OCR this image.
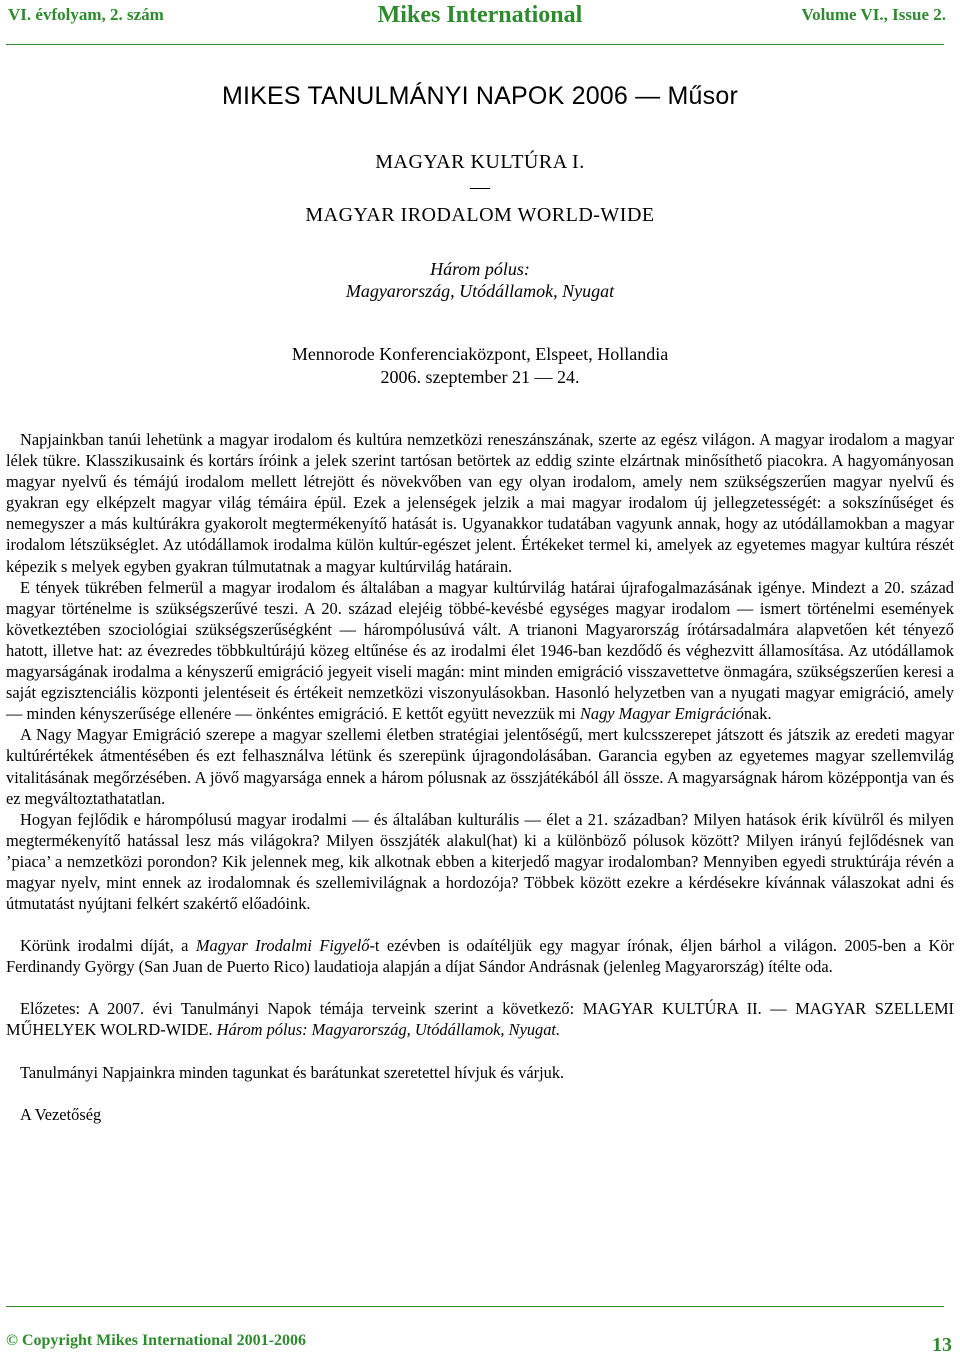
VI. évfolyam, 2. szám	Mikes International	Volume VI., Issue 2.
MIKES TANULMÁNYI NAPOK 2006 — Műsor
MAGYAR KULTÚRA I.
—
MAGYAR IRODALOM WORLD-WIDE
Három pólus:
Magyarország, Utódállamok, Nyugat
Mennorode Konferenciaközpont, Elspeet, Hollandia
2006. szeptember 21 — 24.

Napjainkban tanúi lehetünk a magyar irodalom és kultúra nemzetközi reneszánszának, szerte az egész világon. A magyar irodalom a magyar lélek tükre. Klasszikusaink és kortárs íróink a jelek szerint tartósan betörtek az eddig szinte elzártnak minősíthető piacokra. A hagyományosan magyar nyelvű és témájú irodalom mellett létrejött és növekvőben van egy olyan irodalom, amely nem szükségszerűen magyar nyelvű és gyakran egy elképzelt magyar világ témáira épül. Ezek a jelenségek jelzik a mai magyar irodalom új jellegzetességét: a sokszínűséget és nemegyszer a más kultúrákra gyakorolt megtermékenyítő hatását is. Ugyanakkor tudatában vagyunk annak, hogy az utódállamokban a magyar irodalom létszükséglet. Az utódállamok irodalma külön kultúr-egészet jelent. Értékeket termel ki, amelyek az egyetemes magyar kultúra részét képezik s melyek egyben gyakran túlmutatnak a magyar kultúrvilág határain.

E tények tükrében felmerül a magyar irodalom és általában a magyar kultúrvilág határai újrafogalmazásának igénye. Mindezt a 20. század magyar történelme is szükségszerűvé teszi. A 20. század elejéig többé-kevésbé egységes magyar irodalom — ismert történelmi események következtében szociológiai szükségszerűségként — hárompólusúvá vált. A trianoni Magyarország írótársadalmára alapvetően két tényező hatott, illetve hat: az évezredes többkultúrájú közeg eltűnése és az irodalmi élet 1946-ban kezdődő és véghezvitt államosítása. Az utódállamok magyarságának irodalma a kényszerű emigráció jegyeit viseli magán: mint minden emigráció visszavettetve önmagára, szükségszerűen keresi a saját egzisztenciális központi jelentéseit és értékeit nemzetközi viszonyulásokban. Hasonló helyzetben van a nyugati magyar emigráció, amely — minden kényszerűsége ellenére — önkéntes emigráció. E kettőt együtt nevezzük mi Nagy Magyar Emigrációnak.

A Nagy Magyar Emigráció szerepe a magyar szellemi életben stratégiai jelentőségű, mert kulcsszerepet játszott és játszik az eredeti magyar kultúrértékek átmentésében és ezt felhasználva létünk és szerepünk újragondolásában. Garancia egyben az egyetemes magyar szellemvilág vitalitásának megőrzésében. A jövő magyarsága ennek a három pólusnak az összjátékából áll össze. A magyarságnak három középpontja van és ez megváltoztathatatlan.

Hogyan fejlődik e hárompólusú magyar irodalmi — és általában kulturális — élet a 21. században? Milyen hatások érik kívülről és milyen megtermékenyítő hatással lesz más világokra? Milyen összjáték alakul(hat) ki a különböző pólusok között? Milyen irányú fejlődésnek van ’piaca’ a nemzetközi porondon? Kik jelennek meg, kik alkotnak ebben a kiterjedő magyar irodalomban? Mennyiben egyedi struktúrája révén a magyar nyelv, mint ennek az irodalomnak és szellemivilágnak a hordozója? Többek között ezekre a kérdésekre kívánnak válaszokat adni és útmutatást nyújtani felkért szakértő előadóink.

Körünk irodalmi díját, a Magyar Irodalmi Figyelő-t ezévben is odaítéljük egy magyar írónak, éljen bárhol a világon. 2005-ben a Kör Ferdinandy György (San Juan de Puerto Rico) laudatioja alapján a díjat Sándor Andrásnak (jelenleg Magyarország) ítélte oda.

Előzetes: A 2007. évi Tanulmányi Napok témája terveink szerint a következő: MAGYAR KULTÚRA II. — MAGYAR SZELLEMI MŰHELYEK WOLRD-WIDE. Három pólus: Magyarország, Utódállamok, Nyugat.

Tanulmányi Napjainkra minden tagunkat és barátunkat szeretettel hívjuk és várjuk.

A Vezetőség

© Copyright Mikes International 2001-2006	13
